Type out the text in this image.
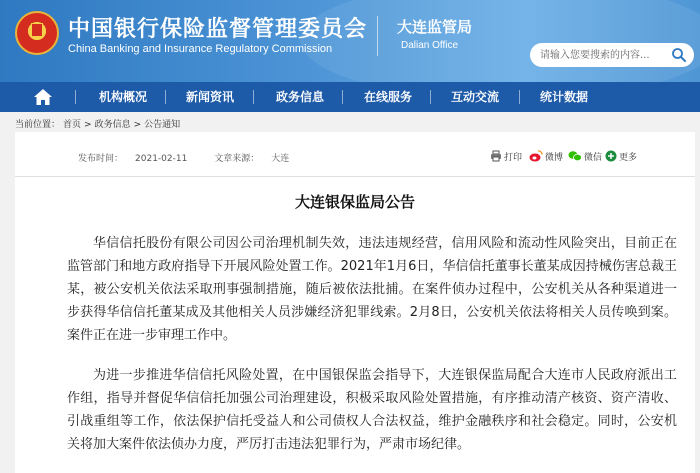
中国银行保险监督管理委员会
China Banking and Insurance Regulatory Commission
大连监管局
Dalian Office
请输入您要搜索的内容...
机构概况	新闻资讯	政务信息	在线服务	互动交流	统计数据
当前位置： 首页 > 政务信息 > 公告通知
发布时间： 2021-02-11	文章来源： 大连	打印	微博 微信 更多
大连银保监局公告

华信信托股份有限公司因公司治理机制失效，违法违规经营，信用风险和流动性风险突出，目前正在监管部门和地方政府指导下开展风险处置工作。2021年1月6日，华信信托董事长董某成因持械伤害总裁王某，被公安机关依法采取刑事强制措施，随后被依法批捕。在案件侦办过程中，公安机关从各种渠道进一步获得华信信托董某成及其他相关人员涉嫌经济犯罪线索。2月8日，公安机关依法将相关人员传唤到案。案件正在进一步审理工作中。

为进一步推进华信信托风险处置，在中国银保监会指导下，大连银保监局配合大连市人民政府派出工作组，指导并督促华信信托加强公司治理建设，积极采取风险处置措施，有序推动清产核资、资产清收、引战重组等工作，依法保护信托受益人和公司债权人合法权益，维护金融秩序和社会稳定。同时，公安机关将加大案件依法侦办力度，严厉打击违法犯罪行为，严肃市场纪律。
